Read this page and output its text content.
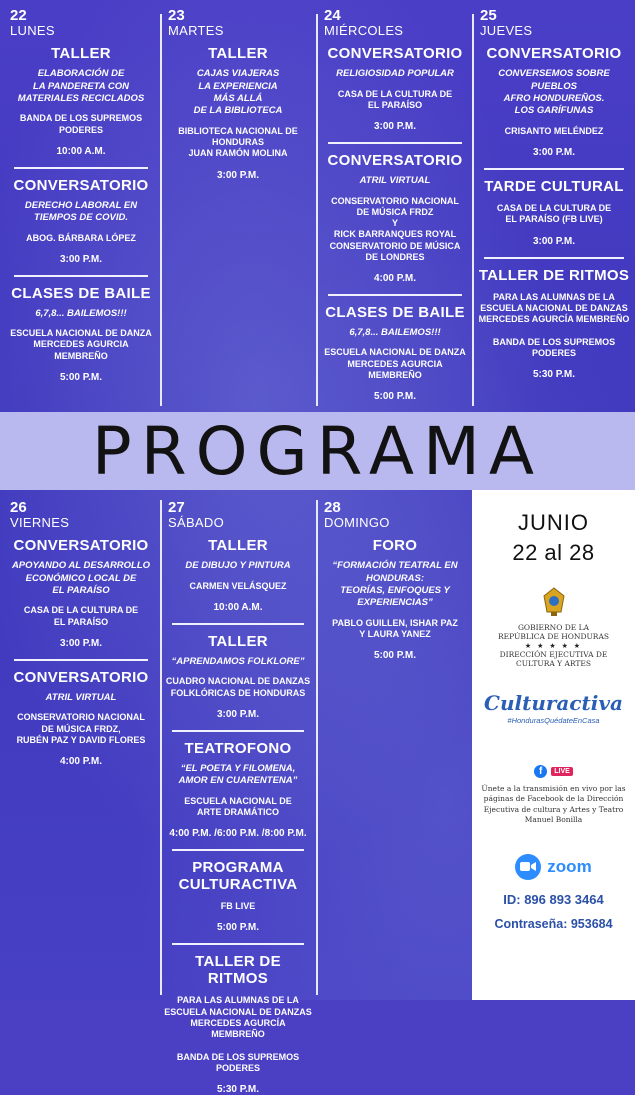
22
LUNES
TALLER
ELABORACIÓN DE
LA PANDERETA CON
MATERIALES RECICLADOS
BANDA DE LOS SUPREMOS PODERES
10:00 A.M.
CONVERSATORIO
DERECHO LABORAL EN
TIEMPOS DE COVID.
ABOG. BÁRBARA LÓPEZ
3:00 P.M.
CLASES DE BAILE
6,7,8... BAILEMOS!!!
ESCUELA NACIONAL DE DANZA
MERCEDES AGURCIA MEMBREÑO
5:00 P.M.
23
MARTES
TALLER
CAJAS VIAJERAS
LA EXPERIENCIA
MÁS ALLÁ
DE LA BIBLIOTECA
BIBLIOTECA NACIONAL DE
HONDURAS
JUAN RAMÓN MOLINA
3:00 P.M.
24
MIÉRCOLES
CONVERSATORIO
RELIGIOSIDAD POPULAR
CASA DE LA CULTURA DE
EL PARAÍSO
3:00 P.M.
CONVERSATORIO
ATRIL VIRTUAL
CONSERVATORIO NACIONAL
DE MÚSICA FRDZ
Y
RICK BARRANQUES ROYAL
CONSERVATORIO DE MÚSICA
DE LONDRES
4:00 P.M.
CLASES DE BAILE
6,7,8... BAILEMOS!!!
ESCUELA NACIONAL DE DANZA
MERCEDES AGURCIA MEMBREÑO
5:00 P.M.
25
JUEVES
CONVERSATORIO
CONVERSEMOS SOBRE PUEBLOS
AFRO HONDUREÑOS.
LOS GARÍFUNAS
CRISANTO MELÉNDEZ
3:00 P.M.
TARDE CULTURAL
CASA DE LA CULTURA DE
EL PARAÍSO (FB LIVE)
3:00 P.M.
TALLER DE RITMOS
PARA LAS ALUMNAS DE LA
ESCUELA NACIONAL DE DANZAS
MERCEDES AGURCÍA MEMBREÑO

BANDA DE LOS SUPREMOS PODERES
5:30 P.M.
PROGRAMA
26
VIERNES
CONVERSATORIO
APOYANDO AL DESARROLLO
ECONÓMICO LOCAL DE
EL PARAÍSO
CASA DE LA CULTURA DE
EL PARAÍSO
3:00 P.M.
CONVERSATORIO
ATRIL VIRTUAL
CONSERVATORIO NACIONAL
DE MÚSICA FRDZ,
RUBÉN PAZ Y DAVID FLORES
4:00 P.M.
27
SÁBADO
TALLER
DE DIBUJO Y PINTURA
CARMEN VELÁSQUEZ
10:00 A.M.
TALLER
“APRENDAMOS FOLKLORE”
CUADRO NACIONAL DE DANZAS
FOLKLÓRICAS DE HONDURAS
3:00 P.M.
TEATROFONO
“EL POETA Y FILOMENA,
AMOR EN CUARENTENA”
ESCUELA NACIONAL DE
ARTE DRAMÁTICO
4:00 P.M. /6:00 P.M. /8:00 P.M.
PROGRAMA
CULTURACTIVA
FB LIVE
5:00 P.M.
TALLER DE RITMOS
PARA LAS ALUMNAS DE LA
ESCUELA NACIONAL DE DANZAS
MERCEDES AGURCÍA MEMBREÑO

BANDA DE LOS SUPREMOS PODERES
5:30 P.M.
28
DOMINGO
FORO
“FORMACIÓN TEATRAL EN
HONDURAS:
TEORÍAS, ENFOQUES Y
EXPERIENCIAS”
PABLO GUILLEN, ISHAR PAZ
Y LAURA YANEZ
5:00 P.M.
JUNIO
22 al 28
GOBIERNO DE LA
REPÚBLICA DE HONDURAS
★ ★ ★ ★ ★
DIRECCIÓN EJECUTIVA DE
CULTURA Y ARTES
Culturactiva
#HondurasQuédateEnCasa
f	LIVE
Únete a la transmisión en vivo por las páginas de Facebook de la Dirección Ejecutiva de cultura y Artes y Teatro Manuel Bonilla
zoom
ID: 896 893 3464
Contraseña: 953684
